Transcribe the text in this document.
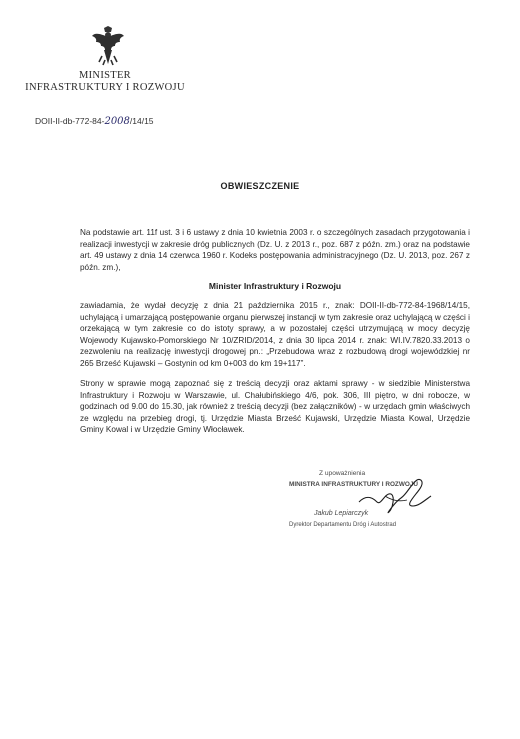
MINISTER
INFRASTRUKTURY I ROZWOJU
DOII-II-db-772-84-2008/14/15
OBWIESZCZENIE
Na podstawie art. 11f ust. 3 i 6 ustawy z dnia 10 kwietnia 2003 r. o szczególnych zasadach przygotowania i realizacji inwestycji w zakresie dróg publicznych (Dz. U. z 2013 r., poz. 687 z późn. zm.) oraz na podstawie art. 49 ustawy z dnia 14 czerwca 1960 r. Kodeks postępowania administracyjnego (Dz. U. 2013, poz. 267 z późn. zm.),
Minister Infrastruktury i Rozwoju
zawiadamia, że wydał decyzję z dnia 21 października 2015 r., znak: DOII-II-db-772-84-1968/14/15, uchylającą i umarzającą postępowanie organu pierwszej instancji w tym zakresie oraz uchylającą w części i orzekającą w tym zakresie co do istoty sprawy, a w pozostałej części utrzymującą w mocy decyzję Wojewody Kujawsko-Pomorskiego Nr 10/ZRID/2014, z dnia 30 lipca 2014 r. znak: WI.IV.7820.33.2013 o zezwoleniu na realizację inwestycji drogowej pn.: „Przebudowa wraz z rozbudową drogi wojewódzkiej nr 265 Brześć Kujawski – Gostynin od km 0+003 do km 19+117”.
Strony w sprawie mogą zapoznać się z treścią decyzji oraz aktami sprawy - w siedzibie Ministerstwa Infrastruktury i Rozwoju w Warszawie, ul. Chałubińskiego 4/6, pok. 306, III piętro, w dni robocze, w godzinach od 9.00 do 15.30, jak również z treścią decyzji (bez załączników) - w urzędach gmin właściwych ze względu na przebieg drogi, tj. Urzędzie Miasta Brześć Kujawski, Urzędzie Miasta Kowal, Urzędzie Gminy Kowal i w Urzędzie Gminy Włocławek.
Z upoważnienia
MINISTRA INFRASTRUKTURY I ROZWOJU
Jakub Lepiarczyk
Dyrektor Departamentu Dróg i Autostrad
